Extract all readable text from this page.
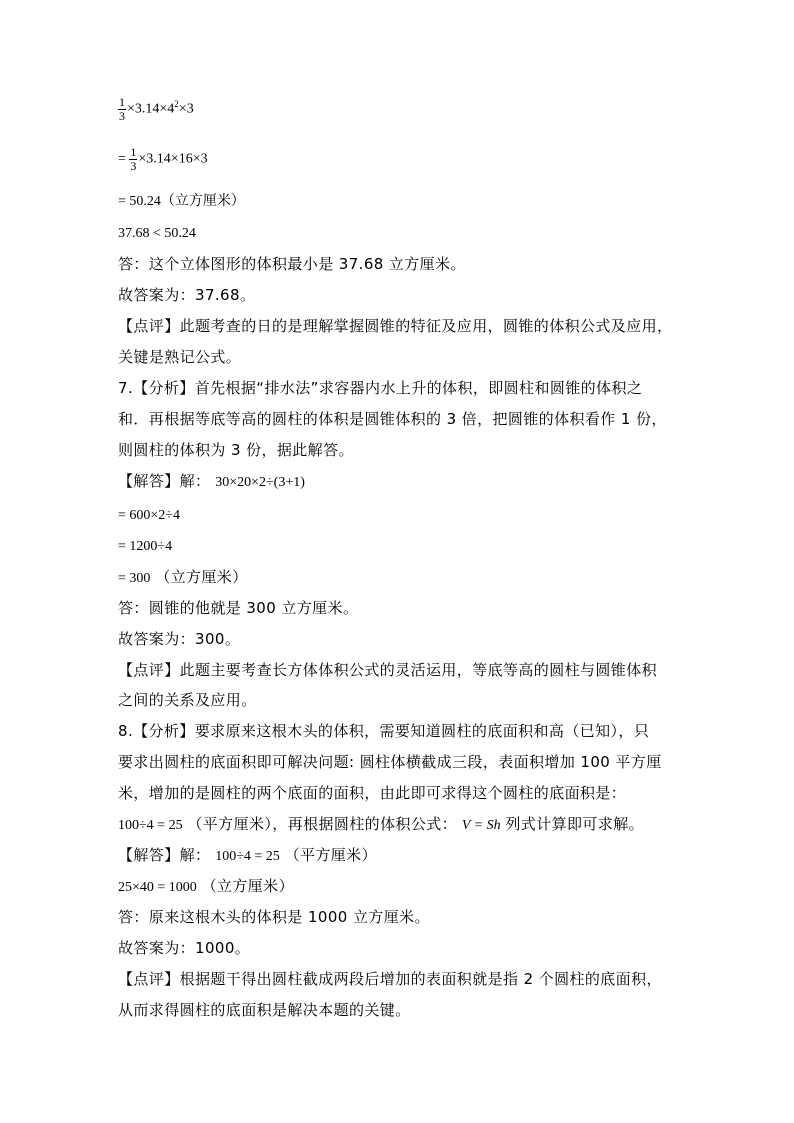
$\frac{1}{3} \times 3.14\times 4^2\times 3$
= $\frac{1}{3} \times 3.14\times 16\times 3$
= 50.24（立方厘米）
37.68 < 50.24
答：这个立体图形的体积最小是 37.68 立方厘米。
故答案为：37.68。
【点评】此题考查的日的是理解掌握圆锥的特征及应用，圆锥的体积公式及应用，
关键是熟记公式。
7.【分析】首先根据“排水法”求容器内水上升的体积，即圆柱和圆锥的体积之
和．再根据等底等高的圆柱的体积是圆锥体积的 3 倍，把圆锥的体积看作 1 份，
则圆柱的体积为 3 份，据此解答。
【解答】解： 30×20×2÷(3+1)
= 600×2÷4
= 1200÷4
= 300 （立方厘米）
答：圆锥的他就是 300 立方厘米。
故答案为：300。
【点评】此题主要考查长方体体积公式的灵活运用，等底等高的圆柱与圆锥体积
之间的关系及应用。
8.【分析】要求原来这根木头的体积，需要知道圆柱的底面积和高（已知），只
要求出圆柱的底面积即可解决问题: 圆柱体横截成三段，表面积增加 100 平方厘
米，增加的是圆柱的两个底面的面积，由此即可求得这个圆柱的底面积是：
100÷4 = 25 （平方厘米），再根据圆柱的体积公式： V = Sh 列式计算即可求解。
【解答】解： 100÷4 = 25 （平方厘米）
25×40 = 1000 （立方厘米）
答：原来这根木头的体积是 1000 立方厘米。
故答案为：1000。
【点评】根据题干得出圆柱截成两段后增加的表面积就是指 2 个圆柱的底面积，
从而求得圆柱的底面积是解决本题的关键。
